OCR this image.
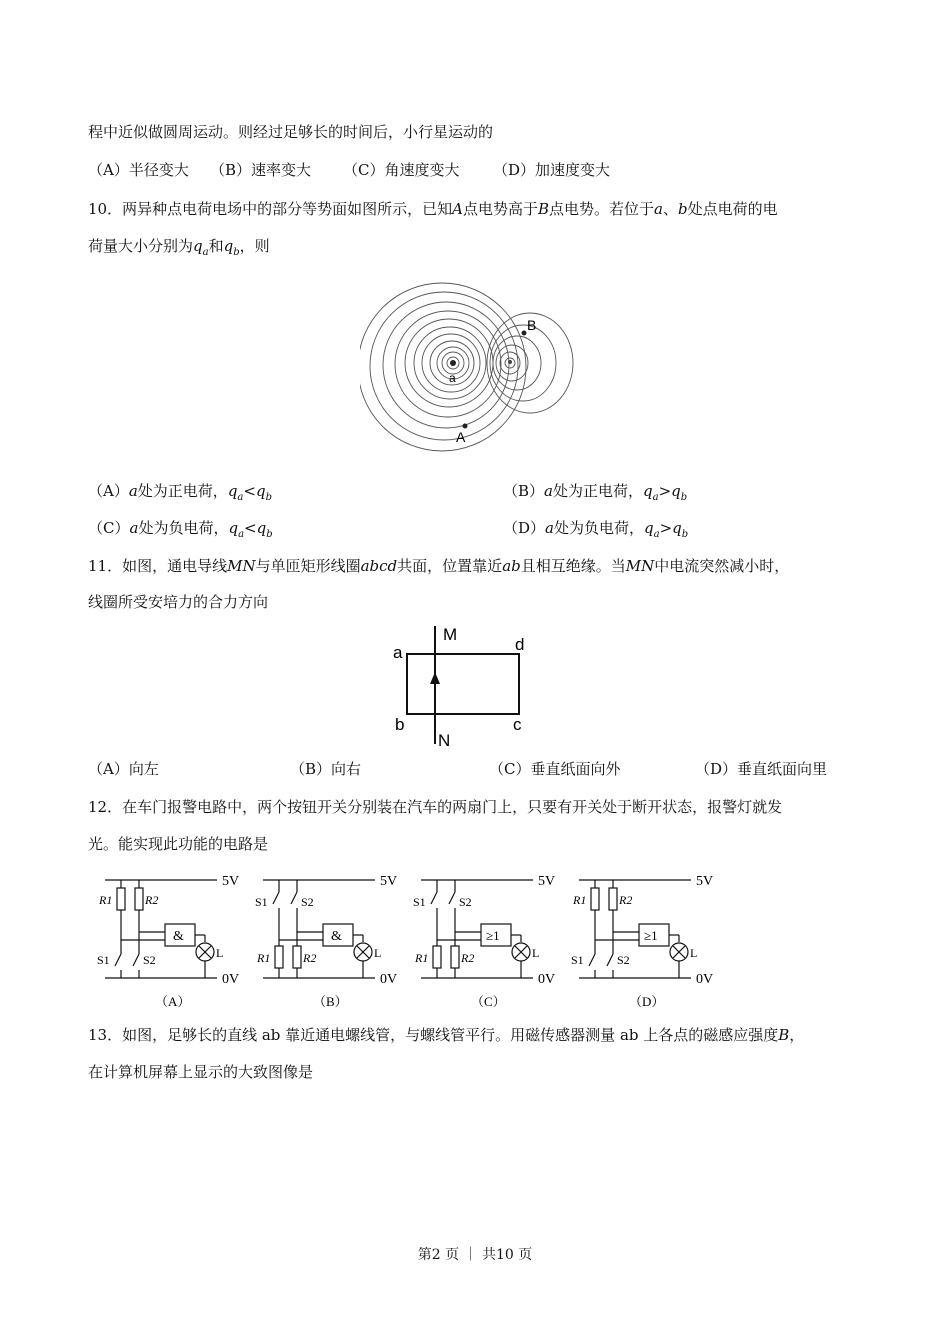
程中近似做圆周运动。则经过足够长的时间后，小行星运动的
（A）半径变大 （B）速率变大 （C）角速度变大 （D）加速度变大
10．两异种点电荷电场中的部分等势面如图所示，已知A点电势高于B点电势。若位于a、b处点电荷的电
荷量大小分别为$q_a$和$q_b$，则
B
A
a
（A）a处为正电荷，$q_a<q_b$	（B）a处为正电荷，$q_a>q_b$
（C）a处为负电荷，$q_a<q_b$	（D）a处为负电荷，$q_a>q_b$
11．如图，通电导线MN与单匝矩形线圈abcd共面，位置靠近ab且相互绝缘。当MN中电流突然减小时，
线圈所受安培力的合力方向
M
N
a
b	c
d
（A）向左	（B）向右	（C）垂直纸面向外	（D）垂直纸面向里
12．在车门报警电路中，两个按钮开关分别装在汽车的两扇门上，只要有开关处于断开状态，报警灯就发
光。能实现此功能的电路是
&
5V
0V
R1	R2
S1	S2	L
（A）
&
5V
0V
S1	S2
R1	R2	L
（B）
≥1
5V
0V
S1	S2
R1	R2	L
（C）
≥1
5V
0V
R1	R2
S1	S2	L
（D）
13．如图，足够长的直线 ab 靠近通电螺线管，与螺线管平行。用磁传感器测量 ab 上各点的磁感应强度B，
在计算机屏幕上显示的大致图像是
第2 页 ｜ 共10 页
